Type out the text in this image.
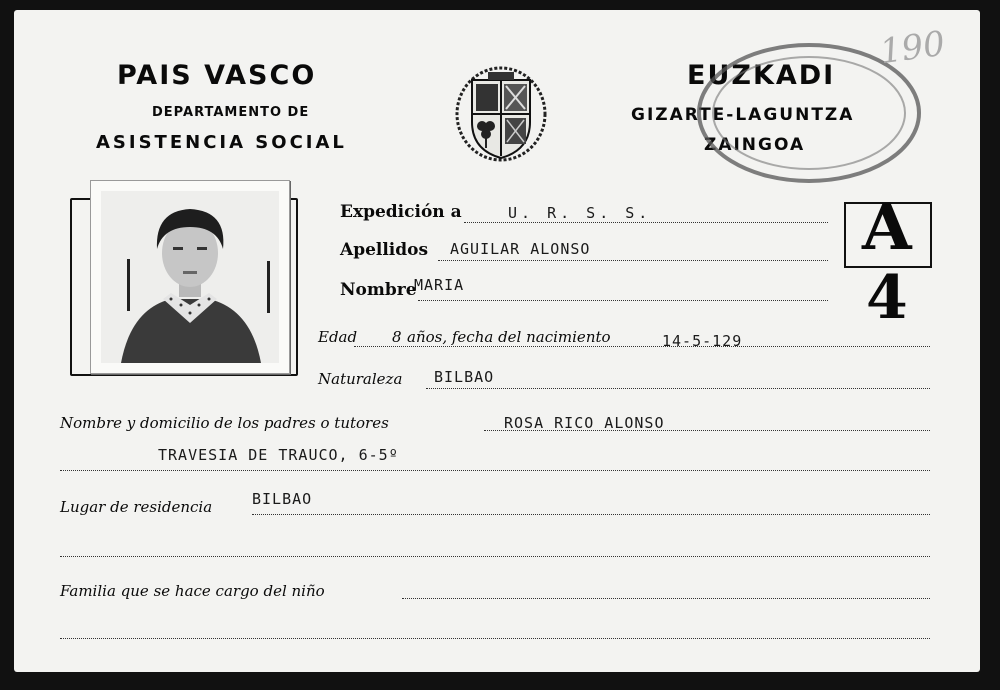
PAIS VASCO
DEPARTAMENTO DE
ASISTENCIA SOCIAL
EUZKADI
GIZARTE-LAGUNTZA
ZAINGOA
190
A
4
Expedición a	U. R. S. S.
Apellidos AGUILAR ALONSO
Nombre
MARIA
Edad 8 años, fecha del nacimiento	14-5-129
Naturaleza BILBAO
Nombre y domicilio de los padres o tutores	ROSA RICO ALONSO
TRAVESIA DE TRAUCO, 6-5º
Lugar de residencia	BILBAO
Familia que se hace cargo del niño
